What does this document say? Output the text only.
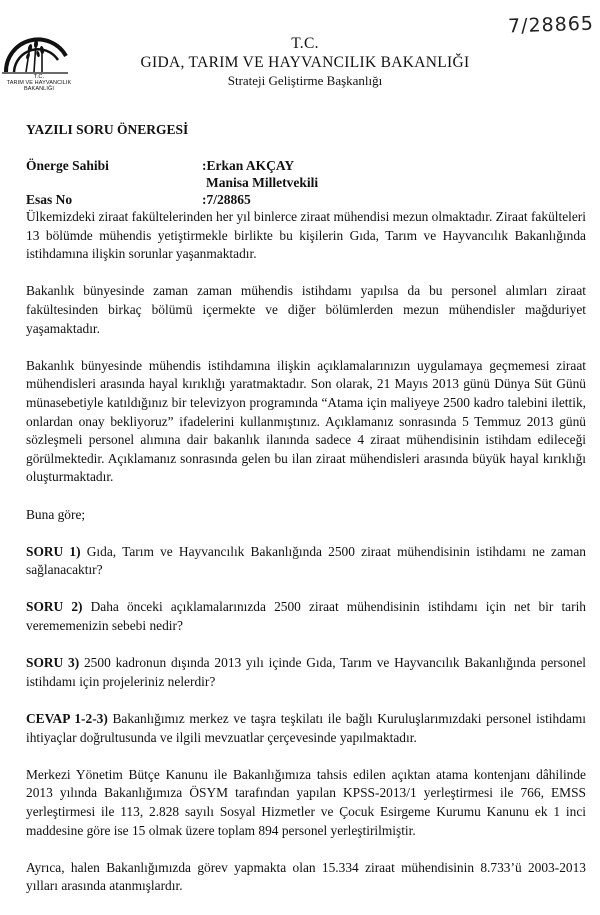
T.C.
TARIM VE HAYVANCILIK
BAKANLIĞI
7/28865
T.C.
GIDA, TARIM VE HAYVANCILIK BAKANLIĞI
Strateji Geliştirme Başkanlığı
YAZILI SORU ÖNERGESİ
Önerge Sahibi	:Erkan AKÇAY
Manisa Milletvekili
Esas No	:7/28865

Ülkemizdeki ziraat fakültelerinden her yıl binlerce ziraat mühendisi mezun olmaktadır. Ziraat fakülteleri 13 bölümde mühendis yetiştirmekle birlikte bu kişilerin Gıda, Tarım ve Hayvancılık Bakanlığında istihdamına ilişkin sorunlar yaşanmaktadır.

Bakanlık bünyesinde zaman zaman mühendis istihdamı yapılsa da bu personel alımları ziraat fakültesinden birkaç bölümü içermekte ve diğer bölümlerden mezun mühendisler mağduriyet yaşamaktadır.

Bakanlık bünyesinde mühendis istihdamına ilişkin açıklamalarınızın uygulamaya geçmemesi ziraat mühendisleri arasında hayal kırıklığı yaratmaktadır. Son olarak, 21 Mayıs 2013 günü Dünya Süt Günü münasebetiyle katıldığınız bir televizyon programında “Atama için maliyeye 2500 kadro talebini ilettik, onlardan onay bekliyoruz” ifadelerini kullanmıştınız. Açıklamanız sonrasında 5 Temmuz 2013 günü sözleşmeli personel alımına dair bakanlık ilanında sadece 4 ziraat mühendisinin istihdam edileceği görülmektedir. Açıklamanız sonrasında gelen bu ilan ziraat mühendisleri arasında büyük hayal kırıklığı oluşturmaktadır.

Buna göre;

SORU 1) Gıda, Tarım ve Hayvancılık Bakanlığında 2500 ziraat mühendisinin istihdamı ne zaman sağlanacaktır?

SORU 2) Daha önceki açıklamalarınızda 2500 ziraat mühendisinin istihdamı için net bir tarih verememenizin sebebi nedir?

SORU 3) 2500 kadronun dışında 2013 yılı içinde Gıda, Tarım ve Hayvancılık Bakanlığında personel istihdamı için projeleriniz nelerdir?

CEVAP 1-2-3) Bakanlığımız merkez ve taşra teşkilatı ile bağlı Kuruluşlarımızdaki personel istihdamı ihtiyaçlar doğrultusunda ve ilgili mevzuatlar çerçevesinde yapılmaktadır.

Merkezi Yönetim Bütçe Kanunu ile Bakanlığımıza tahsis edilen açıktan atama kontenjanı dâhilinde 2013 yılında Bakanlığımıza ÖSYM tarafından yapılan KPSS-2013/1 yerleştirmesi ile 766, EMSS yerleştirmesi ile 113, 2.828 sayılı Sosyal Hizmetler ve Çocuk Esirgeme Kurumu Kanunu ek 1 inci maddesine göre ise 15 olmak üzere toplam 894 personel yerleştirilmiştir.

Ayrıca, halen Bakanlığımızda görev yapmakta olan 15.334 ziraat mühendisinin 8.733’ü 2003-2013 yılları arasında atanmışlardır.
